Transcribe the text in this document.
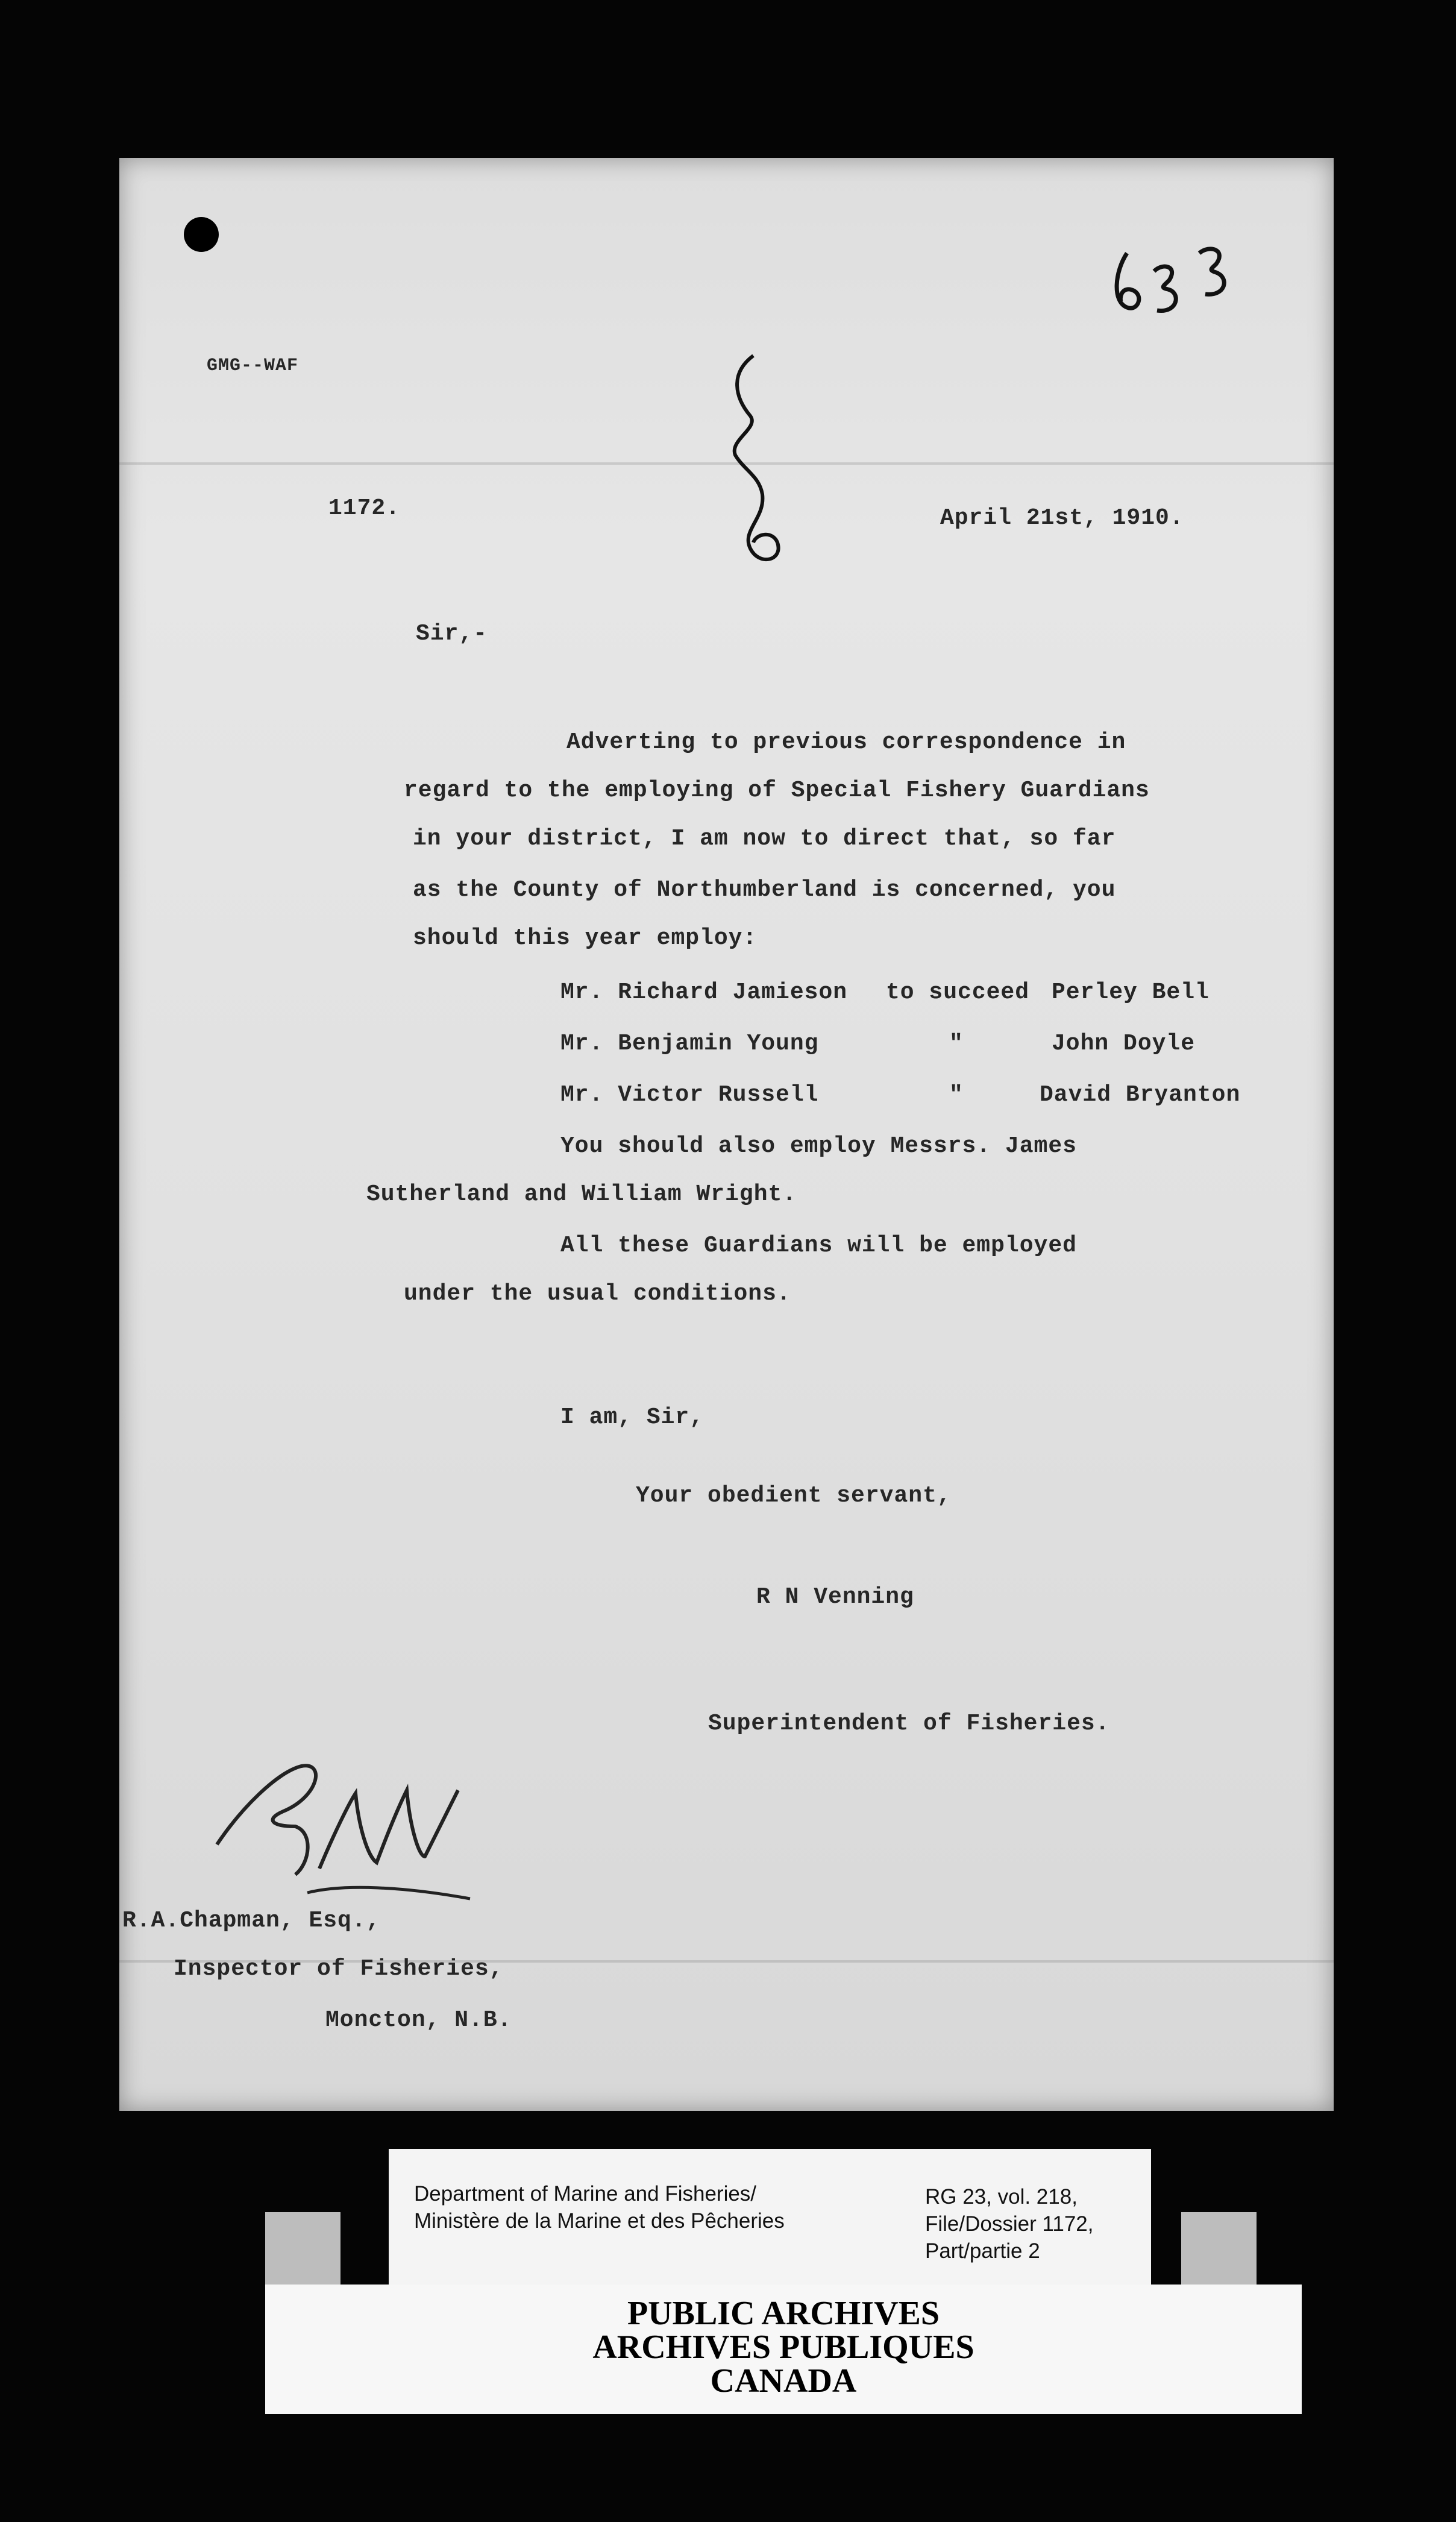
GMG--WAF
1172.	April 21st, 1910.
Sir,-
Adverting to previous correspondence in
regard to the employing of Special Fishery Guardians
in your district, I am now to direct that, so far
as the County of Northumberland is concerned, you
should this year employ:
Mr. Richard Jamieson to succeed Perley Bell
Mr. Benjamin Young	"	John Doyle
Mr. Victor Russell	"	David Bryanton
You should also employ Messrs. James
Sutherland and William Wright.
All these Guardians will be employed
under the usual conditions.
I am, Sir,
Your obedient servant,
R N Venning
Superintendent of Fisheries.
R.A.Chapman, Esq.,
Inspector of Fisheries,
Moncton, N.B.
Department of Marine and Fisheries/
Ministère de la Marine et des Pêcheries
RG 23, vol. 218,
File/Dossier 1172,
Part/partie 2
PUBLIC ARCHIVES
ARCHIVES PUBLIQUES
CANADA
